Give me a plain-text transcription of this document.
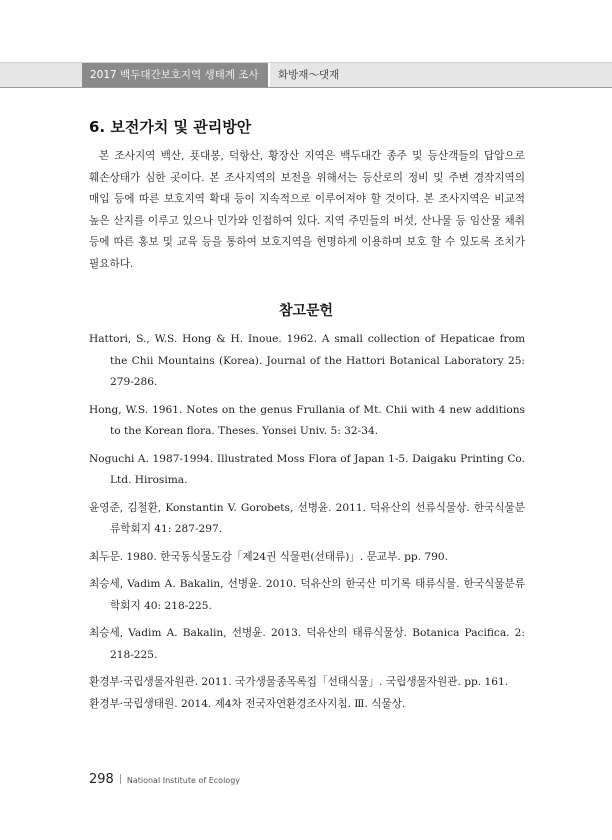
2017 백두대간보호지역 생태계 조사 화방재～댓재
6. 보전가치 및 관리방안

본 조사지역 백산, 푯대봉, 덕항산, 황장산 지역은 백두대간 종주 및 등산객들의 답압으로 훼손상태가 심한 곳이다. 본 조사지역의 보전을 위해서는 등산로의 정비 및 주변 경작지역의 매입 등에 따른 보호지역 확대 등이 지속적으로 이루어져야 할 것이다. 본 조사지역은 비교적 높은 산지를 이루고 있으나 민가와 인접하여 있다. 지역 주민들의 버섯, 산나물 등 임산물 채취 등에 따른 홍보 및 교육 등을 통하여 보호지역을 현명하게 이용하며 보호 할 수 있도록 조치가 필요하다.

참고문헌
Hattori, S., W.S. Hong & H. Inoue. 1962. A small collection of Hepaticae from the Chii Mountains (Korea). Journal of the Hattori Botanical Laboratory 25: 279-286.
Hong, W.S. 1961. Notes on the genus Frullania of Mt. Chii with 4 new additions to the Korean flora. Theses. Yonsei Univ. 5: 32-34.
Noguchi A. 1987-1994. Illustrated Moss Flora of Japan 1-5. Daigaku Printing Co. Ltd. Hirosima.
윤영준, 김철환, Konstantin V. Gorobets, 선병윤. 2011. 덕유산의 선류식물상. 한국식물분류학회지 41: 287-297.
최두문. 1980. 한국동식물도감「제24권 식물편(선태류)」. 문교부. pp. 790.
최승세, Vadim A. Bakalin, 선병윤. 2010. 덕유산의 한국산 미기록 태류식물. 한국식물분류학회지 40: 218-225.
최승세, Vadim A. Bakalin, 선병윤. 2013. 덕유산의 태류식물상. Botanica Pacifica. 2: 218-225.
환경부·국립생물자원관. 2011. 국가생물종목록집「선태식물」. 국립생물자원관. pp. 161.
환경부·국립생태원. 2014. 제4차 전국자연환경조사지침. Ⅲ. 식물상.
298 National Institute of Ecology
